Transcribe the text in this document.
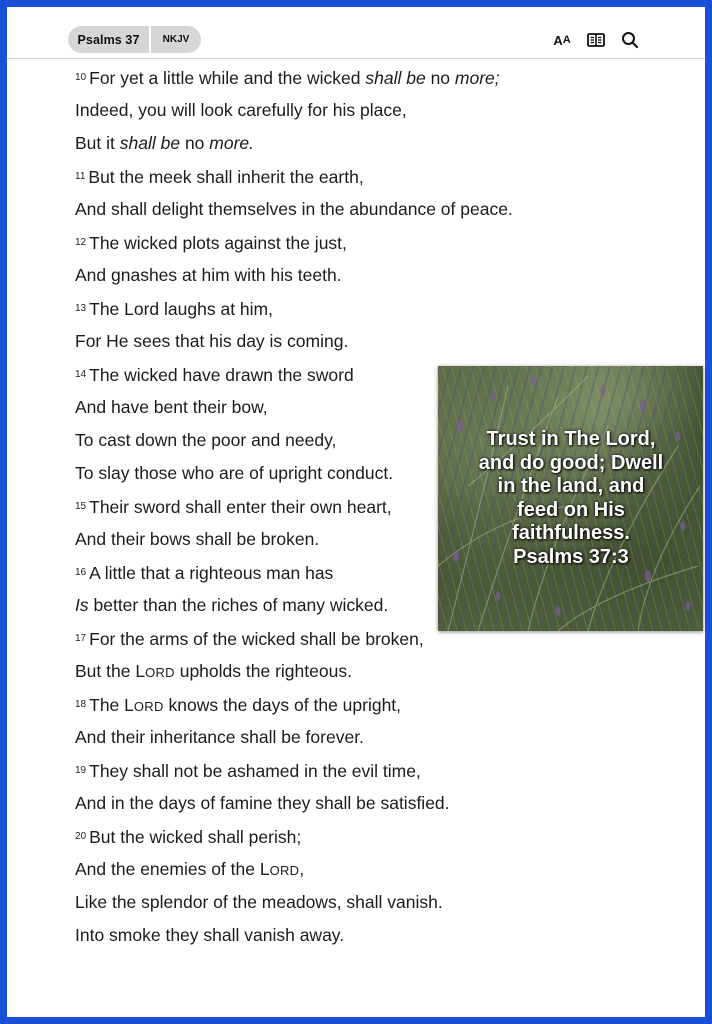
Psalms 37	NKJV	A A
$^{10}$ For yet a little while and the wicked shall be no more;
Indeed, you will look carefully for his place,
But it shall be no more.
$^{11}$ But the meek shall inherit the earth,
And shall delight themselves in the abundance of peace.
$^{12}$ The wicked plots against the just,
And gnashes at him with his teeth.
$^{13}$ The Lord laughs at him,
For He sees that his day is coming.
$^{14}$ The wicked have drawn the sword
And have bent their bow,
To cast down the poor and needy,
To slay those who are of upright conduct.
$^{15}$ Their sword shall enter their own heart,
And their bows shall be broken.
$^{16}$ A little that a righteous man has
Is better than the riches of many wicked.
$^{17}$ For the arms of the wicked shall be broken,
But the LORD upholds the righteous.
$^{18}$ The LORD knows the days of the upright,
And their inheritance shall be forever.
$^{19}$ They shall not be ashamed in the evil time,
And in the days of famine they shall be satisfied.
$^{20}$ But the wicked shall perish;
And the enemies of the LORD,
Like the splendor of the meadows, shall vanish.
Into smoke they shall vanish away.
Trust in The Lord,
and do good; Dwell
in the land, and
feed on His
faithfulness.
Psalms 37:3
